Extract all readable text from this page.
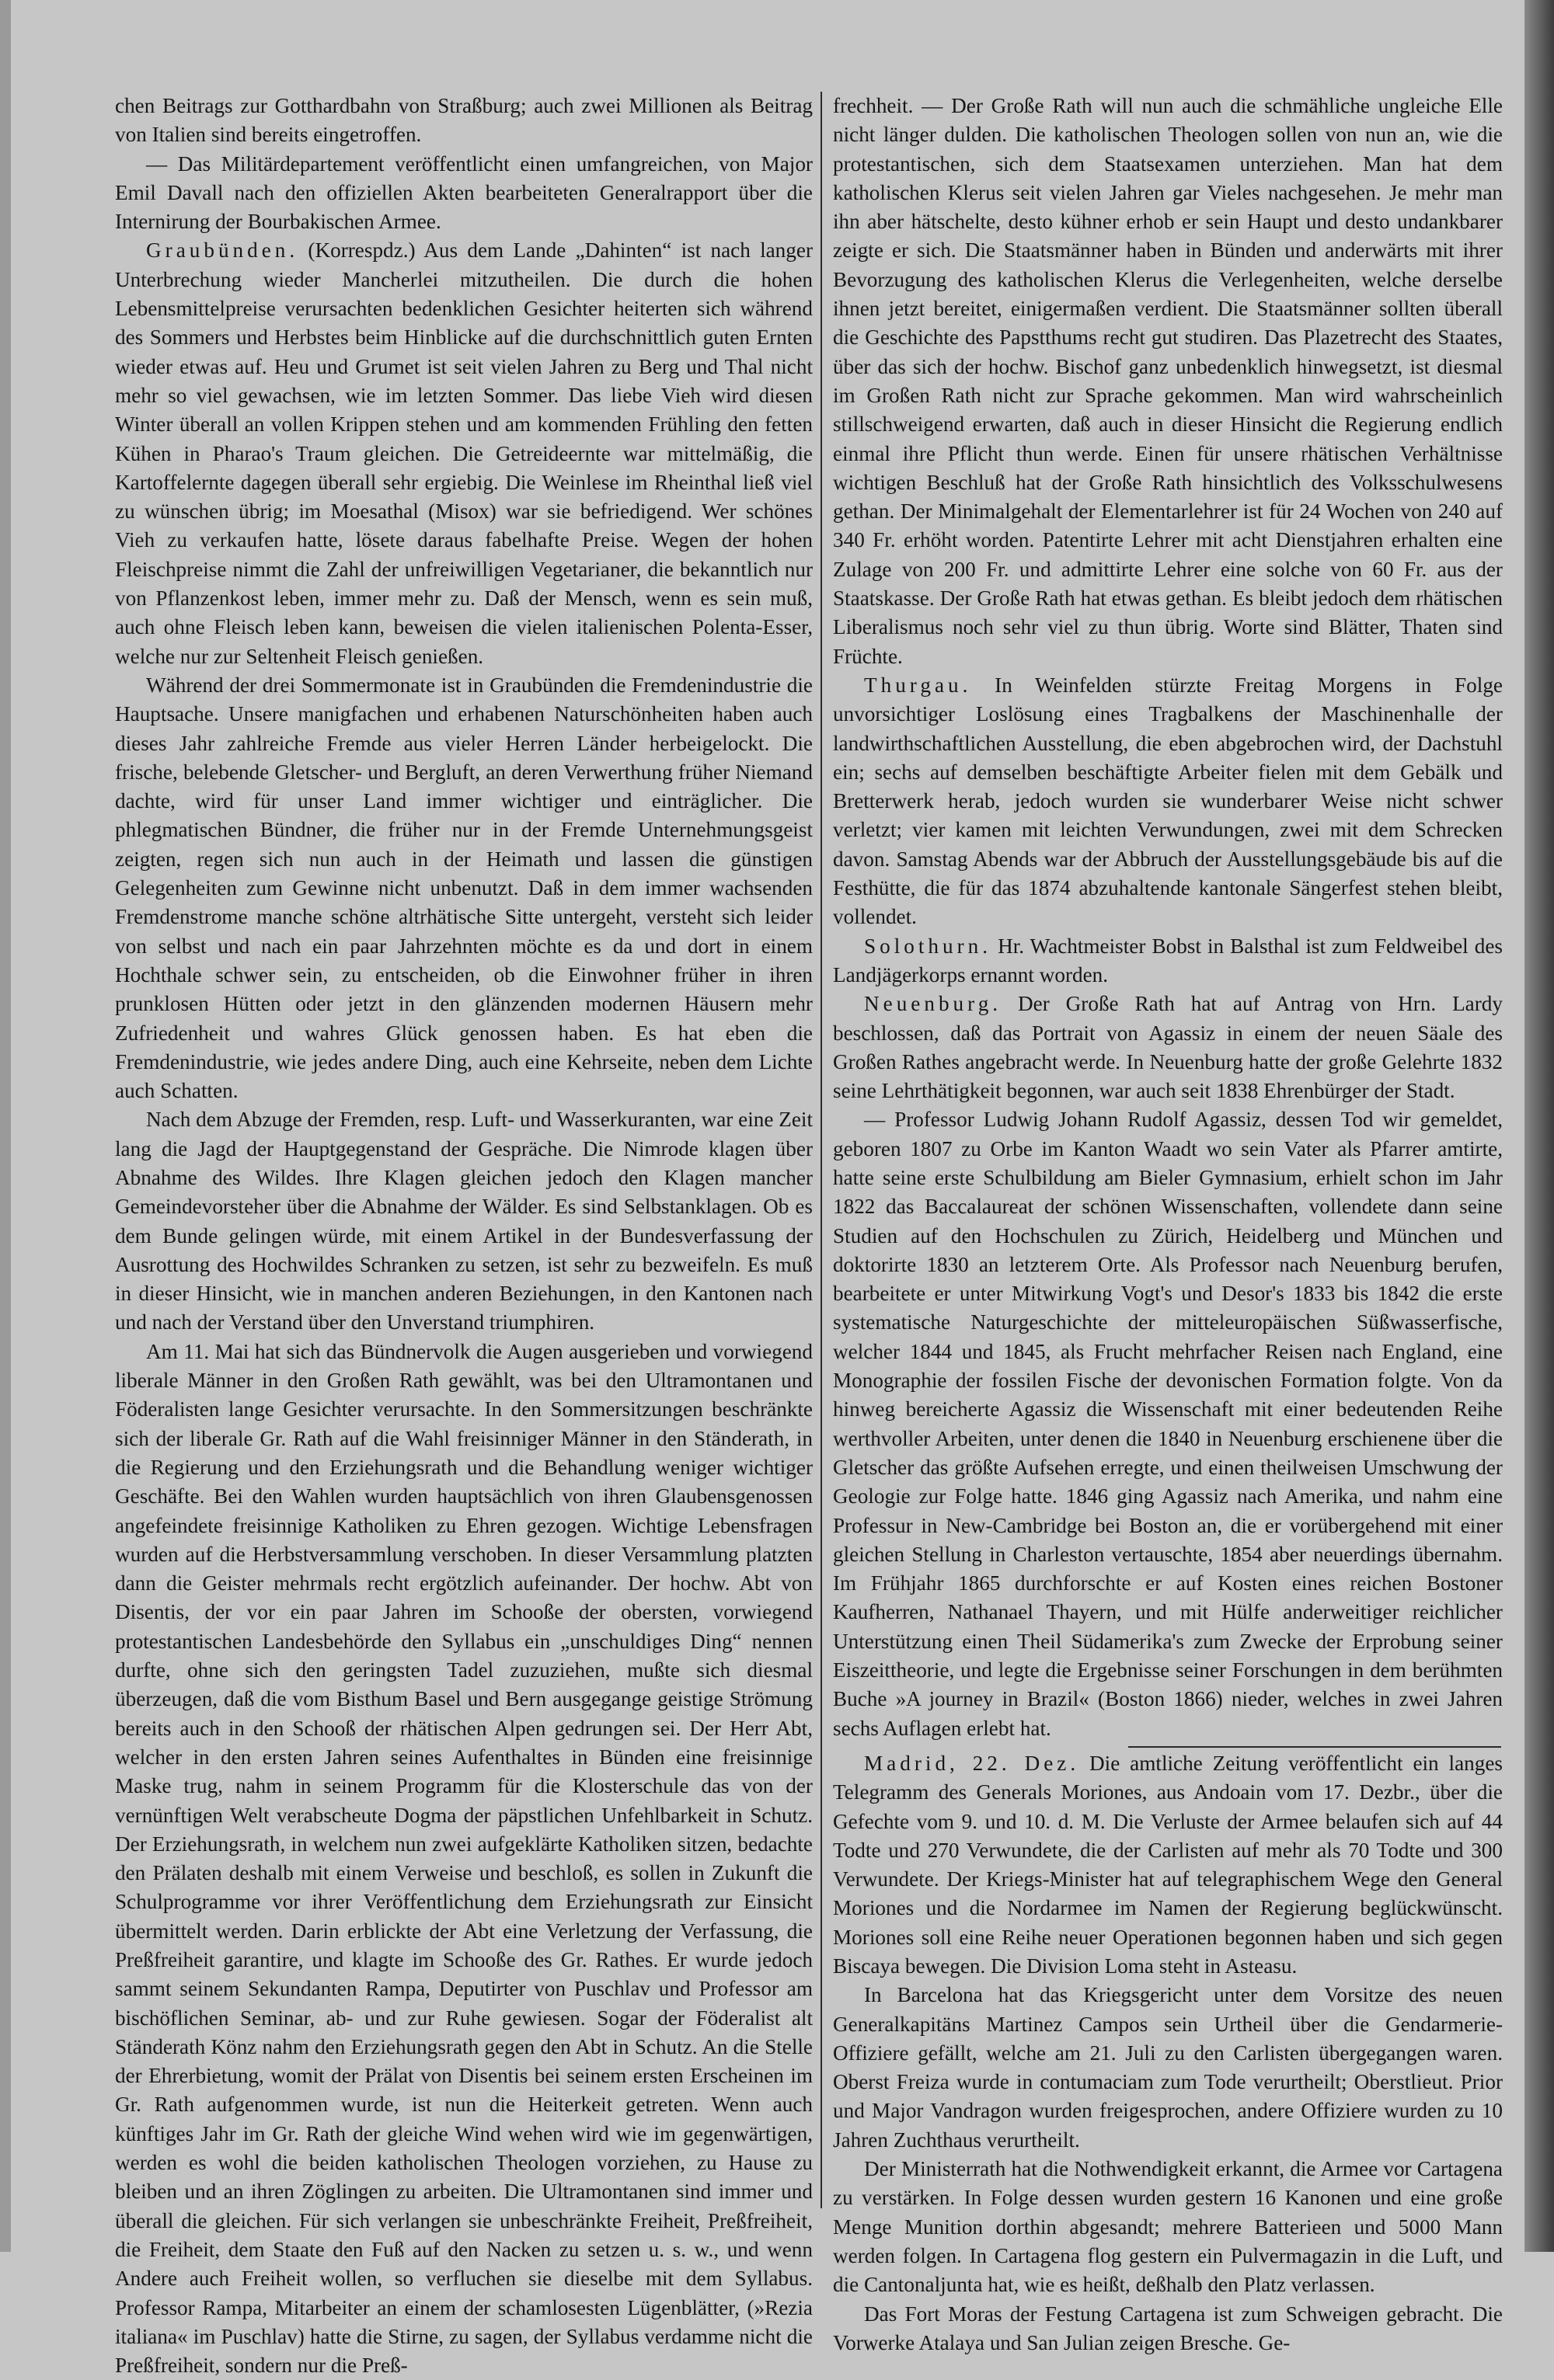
chen Beitrags zur Gotthardbahn von Straßburg; auch zwei Millionen als Beitrag von Italien sind bereits eingetroffen.

— Das Militärdepartement veröffentlicht einen umfangreichen, von Major Emil Davall nach den offiziellen Akten bearbeiteten Generalrapport über die Internirung der Bourbakischen Armee.

Graubünden. (Korrespdz.) Aus dem Lande „Dahinten“ ist nach langer Unterbrechung wieder Mancherlei mitzutheilen. Die durch die hohen Lebensmittelpreise verursachten bedenklichen Gesichter heiterten sich während des Sommers und Herbstes beim Hinblicke auf die durchschnittlich guten Ernten wieder etwas auf. Heu und Grumet ist seit vielen Jahren zu Berg und Thal nicht mehr so viel gewachsen, wie im letzten Sommer. Das liebe Vieh wird diesen Winter überall an vollen Krippen stehen und am kommenden Frühling den fetten Kühen in Pharao's Traum gleichen. Die Getreideernte war mittelmäßig, die Kartoffelernte dagegen überall sehr ergiebig. Die Weinlese im Rheinthal ließ viel zu wünschen übrig; im Moesathal (Misox) war sie befriedigend. Wer schönes Vieh zu verkaufen hatte, lösete daraus fabelhafte Preise. Wegen der hohen Fleischpreise nimmt die Zahl der unfreiwilligen Vegetarianer, die bekanntlich nur von Pflanzenkost leben, immer mehr zu. Daß der Mensch, wenn es sein muß, auch ohne Fleisch leben kann, beweisen die vielen italienischen Polenta-Esser, welche nur zur Seltenheit Fleisch genießen.

Während der drei Sommermonate ist in Graubünden die Fremdenindustrie die Hauptsache. Unsere manigfachen und erhabenen Naturschönheiten haben auch dieses Jahr zahlreiche Fremde aus vieler Herren Länder herbeigelockt. Die frische, belebende Gletscher- und Bergluft, an deren Verwerthung früher Niemand dachte, wird für unser Land immer wichtiger und einträglicher. Die phlegmatischen Bündner, die früher nur in der Fremde Unternehmungsgeist zeigten, regen sich nun auch in der Heimath und lassen die günstigen Gelegenheiten zum Gewinne nicht unbenutzt. Daß in dem immer wachsenden Fremdenstrome manche schöne altrhätische Sitte untergeht, versteht sich leider von selbst und nach ein paar Jahrzehnten möchte es da und dort in einem Hochthale schwer sein, zu entscheiden, ob die Einwohner früher in ihren prunklosen Hütten oder jetzt in den glänzenden modernen Häusern mehr Zufriedenheit und wahres Glück genossen haben. Es hat eben die Fremdenindustrie, wie jedes andere Ding, auch eine Kehrseite, neben dem Lichte auch Schatten.

Nach dem Abzuge der Fremden, resp. Luft- und Wasserkuranten, war eine Zeit lang die Jagd der Hauptgegenstand der Gespräche. Die Nimrode klagen über Abnahme des Wildes. Ihre Klagen gleichen jedoch den Klagen mancher Gemeindevorsteher über die Abnahme der Wälder. Es sind Selbstanklagen. Ob es dem Bunde gelingen würde, mit einem Artikel in der Bundesverfassung der Ausrottung des Hochwildes Schranken zu setzen, ist sehr zu bezweifeln. Es muß in dieser Hinsicht, wie in manchen anderen Beziehungen, in den Kantonen nach und nach der Verstand über den Unverstand triumphiren.

Am 11. Mai hat sich das Bündnervolk die Augen ausgerieben und vorwiegend liberale Männer in den Großen Rath gewählt, was bei den Ultramontanen und Föderalisten lange Gesichter verursachte. In den Sommersitzungen beschränkte sich der liberale Gr. Rath auf die Wahl freisinniger Männer in den Ständerath, in die Regierung und den Erziehungsrath und die Behandlung weniger wichtiger Geschäfte. Bei den Wahlen wurden hauptsächlich von ihren Glaubensgenossen angefeindete freisinnige Katholiken zu Ehren gezogen. Wichtige Lebensfragen wurden auf die Herbstversammlung verschoben. In dieser Versammlung platzten dann die Geister mehrmals recht ergötzlich aufeinander. Der hochw. Abt von Disentis, der vor ein paar Jahren im Schooße der obersten, vorwiegend protestantischen Landesbehörde den Syllabus ein „unschuldiges Ding“ nennen durfte, ohne sich den geringsten Tadel zuzuziehen, mußte sich diesmal überzeugen, daß die vom Bisthum Basel und Bern ausgegange geistige Strömung bereits auch in den Schooß der rhätischen Alpen gedrungen sei. Der Herr Abt, welcher in den ersten Jahren seines Aufenthaltes in Bünden eine freisinnige Maske trug, nahm in seinem Programm für die Klosterschule das von der vernünftigen Welt verabscheute Dogma der päpstlichen Unfehlbarkeit in Schutz. Der Erziehungsrath, in welchem nun zwei aufgeklärte Katholiken sitzen, bedachte den Prälaten deshalb mit einem Verweise und beschloß, es sollen in Zukunft die Schulprogramme vor ihrer Veröffentlichung dem Erziehungsrath zur Einsicht übermittelt werden. Darin erblickte der Abt eine Verletzung der Verfassung, die Preßfreiheit garantire, und klagte im Schooße des Gr. Rathes. Er wurde jedoch sammt seinem Sekundanten Rampa, Deputirter von Puschlav und Professor am bischöflichen Seminar, ab- und zur Ruhe gewiesen. Sogar der Föderalist alt Ständerath Könz nahm den Erziehungsrath gegen den Abt in Schutz. An die Stelle der Ehrerbietung, womit der Prälat von Disentis bei seinem ersten Erscheinen im Gr. Rath aufgenommen wurde, ist nun die Heiterkeit getreten. Wenn auch künftiges Jahr im Gr. Rath der gleiche Wind wehen wird wie im gegenwärtigen, werden es wohl die beiden katholischen Theologen vorziehen, zu Hause zu bleiben und an ihren Zöglingen zu arbeiten. Die Ultramontanen sind immer und überall die gleichen. Für sich verlangen sie unbeschränkte Freiheit, Preßfreiheit, die Freiheit, dem Staate den Fuß auf den Nacken zu setzen u. s. w., und wenn Andere auch Freiheit wollen, so verfluchen sie dieselbe mit dem Syllabus. Professor Rampa, Mitarbeiter an einem der schamlosesten Lügenblätter, (»Rezia italiana« im Puschlav) hatte die Stirne, zu sagen, der Syllabus verdamme nicht die Preßfreiheit, sondern nur die Preß-

frechheit. — Der Große Rath will nun auch die schmähliche ungleiche Elle nicht länger dulden. Die katholischen Theologen sollen von nun an, wie die protestantischen, sich dem Staatsexamen unterziehen. Man hat dem katholischen Klerus seit vielen Jahren gar Vieles nachgesehen. Je mehr man ihn aber hätschelte, desto kühner erhob er sein Haupt und desto undankbarer zeigte er sich. Die Staatsmänner haben in Bünden und anderwärts mit ihrer Bevorzugung des katholischen Klerus die Verlegenheiten, welche derselbe ihnen jetzt bereitet, einigermaßen verdient. Die Staatsmänner sollten überall die Geschichte des Papstthums recht gut studiren. Das Plazetrecht des Staates, über das sich der hochw. Bischof ganz unbedenklich hinwegsetzt, ist diesmal im Großen Rath nicht zur Sprache gekommen. Man wird wahrscheinlich stillschweigend erwarten, daß auch in dieser Hinsicht die Regierung endlich einmal ihre Pflicht thun werde. Einen für unsere rhätischen Verhältnisse wichtigen Beschluß hat der Große Rath hinsichtlich des Volksschulwesens gethan. Der Minimalgehalt der Elementarlehrer ist für 24 Wochen von 240 auf 340 Fr. erhöht worden. Patentirte Lehrer mit acht Dienstjahren erhalten eine Zulage von 200 Fr. und admittirte Lehrer eine solche von 60 Fr. aus der Staatskasse. Der Große Rath hat etwas gethan. Es bleibt jedoch dem rhätischen Liberalismus noch sehr viel zu thun übrig. Worte sind Blätter, Thaten sind Früchte.

Thurgau. In Weinfelden stürzte Freitag Morgens in Folge unvorsichtiger Loslösung eines Tragbalkens der Maschinenhalle der landwirthschaftlichen Ausstellung, die eben abgebrochen wird, der Dachstuhl ein; sechs auf demselben beschäftigte Arbeiter fielen mit dem Gebälk und Bretterwerk herab, jedoch wurden sie wunderbarer Weise nicht schwer verletzt; vier kamen mit leichten Verwundungen, zwei mit dem Schrecken davon. Samstag Abends war der Abbruch der Ausstellungsgebäude bis auf die Festhütte, die für das 1874 abzuhaltende kantonale Sängerfest stehen bleibt, vollendet.

Solothurn. Hr. Wachtmeister Bobst in Balsthal ist zum Feldweibel des Landjägerkorps ernannt worden.

Neuenburg. Der Große Rath hat auf Antrag von Hrn. Lardy beschlossen, daß das Portrait von Agassiz in einem der neuen Säale des Großen Rathes angebracht werde. In Neuenburg hatte der große Gelehrte 1832 seine Lehrthätigkeit begonnen, war auch seit 1838 Ehrenbürger der Stadt.

— Professor Ludwig Johann Rudolf Agassiz, dessen Tod wir gemeldet, geboren 1807 zu Orbe im Kanton Waadt wo sein Vater als Pfarrer amtirte, hatte seine erste Schulbildung am Bieler Gymnasium, erhielt schon im Jahr 1822 das Baccalaureat der schönen Wissenschaften, vollendete dann seine Studien auf den Hochschulen zu Zürich, Heidelberg und München und doktorirte 1830 an letzterem Orte. Als Professor nach Neuenburg berufen, bearbeitete er unter Mitwirkung Vogt's und Desor's 1833 bis 1842 die erste systematische Naturgeschichte der mitteleuropäischen Süßwasserfische, welcher 1844 und 1845, als Frucht mehrfacher Reisen nach England, eine Monographie der fossilen Fische der devonischen Formation folgte. Von da hinweg bereicherte Agassiz die Wissenschaft mit einer bedeutenden Reihe werthvoller Arbeiten, unter denen die 1840 in Neuenburg erschienene über die Gletscher das größte Aufsehen erregte, und einen theilweisen Umschwung der Geologie zur Folge hatte. 1846 ging Agassiz nach Amerika, und nahm eine Professur in New-Cambridge bei Boston an, die er vorübergehend mit einer gleichen Stellung in Charleston vertauschte, 1854 aber neuerdings übernahm. Im Frühjahr 1865 durchforschte er auf Kosten eines reichen Bostoner Kaufherren, Nathanael Thayern, und mit Hülfe anderweitiger reichlicher Unterstützung einen Theil Südamerika's zum Zwecke der Erprobung seiner Eiszeittheorie, und legte die Ergebnisse seiner Forschungen in dem berühmten Buche »A journey in Brazil« (Boston 1866) nieder, welches in zwei Jahren sechs Auflagen erlebt hat.

Madrid, 22. Dez. Die amtliche Zeitung veröffentlicht ein langes Telegramm des Generals Moriones, aus Andoain vom 17. Dezbr., über die Gefechte vom 9. und 10. d. M. Die Verluste der Armee belaufen sich auf 44 Todte und 270 Verwundete, die der Carlisten auf mehr als 70 Todte und 300 Verwundete. Der Kriegs-Minister hat auf telegraphischem Wege den General Moriones und die Nordarmee im Namen der Regierung beglückwünscht. Moriones soll eine Reihe neuer Operationen begonnen haben und sich gegen Biscaya bewegen. Die Division Loma steht in Asteasu.

In Barcelona hat das Kriegsgericht unter dem Vorsitze des neuen Generalkapitäns Martinez Campos sein Urtheil über die Gendarmerie-Offiziere gefällt, welche am 21. Juli zu den Carlisten übergegangen waren. Oberst Freiza wurde in contumaciam zum Tode verurtheilt; Oberstlieut. Prior und Major Vandragon wurden freigesprochen, andere Offiziere wurden zu 10 Jahren Zuchthaus verurtheilt.

Der Ministerrath hat die Nothwendigkeit erkannt, die Armee vor Cartagena zu verstärken. In Folge dessen wurden gestern 16 Kanonen und eine große Menge Munition dorthin abgesandt; mehrere Batterieen und 5000 Mann werden folgen. In Cartagena flog gestern ein Pulvermagazin in die Luft, und die Cantonaljunta hat, wie es heißt, deßhalb den Platz verlassen.

Das Fort Moras der Festung Cartagena ist zum Schweigen gebracht. Die Vorwerke Atalaya und San Julian zeigen Bresche. Ge-
